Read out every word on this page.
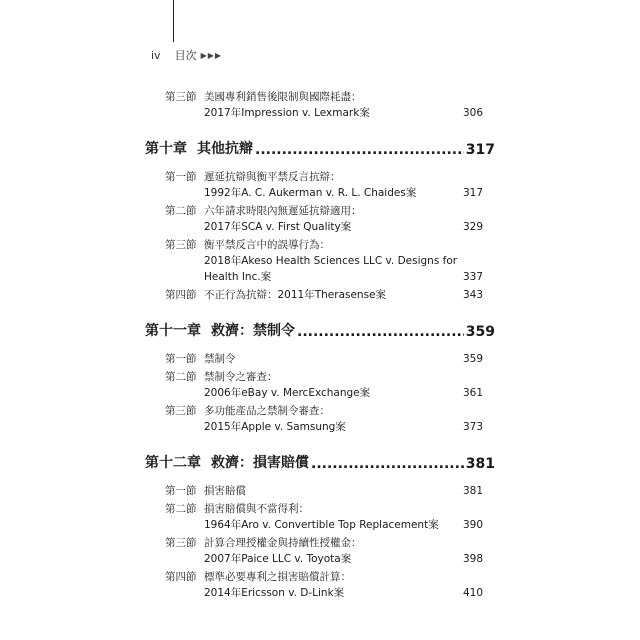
iv 目次 ▶▶▶
第三節 美國專利銷售後限制與國際耗盡：
2017年Impression v. Lexmark案	306
第十章 其他抗辯 .....	317
第一節 遲延抗辯與衡平禁反言抗辯：
1992年A. C. Aukerman v. R. L. Chaides案	317
第二節 六年請求時限內無遲延抗辯適用：
2017年SCA v. First Quality案	329
第三節 衡平禁反言中的誤導行為：
2018年Akeso Health Sciences LLC v. Designs for
Health Inc.案	337
第四節 不正行為抗辯：2011年Therasense案	343
第十一章 救濟：禁制令 .....	359
第一節 禁制令	359
第二節 禁制令之審查：
2006年eBay v. MercExchange案	361
第三節 多功能產品之禁制令審查：
2015年Apple v. Samsung案	373
第十二章 救濟：損害賠償 .....	381
第一節 損害賠償	381
第二節 損害賠償與不當得利：
1964年Aro v. Convertible Top Replacement案	390
第三節 計算合理授權金與持續性授權金：
2007年Paice LLC v. Toyota案	398
第四節 標準必要專利之損害賠償計算：
2014年Ericsson v. D-Link案	410
